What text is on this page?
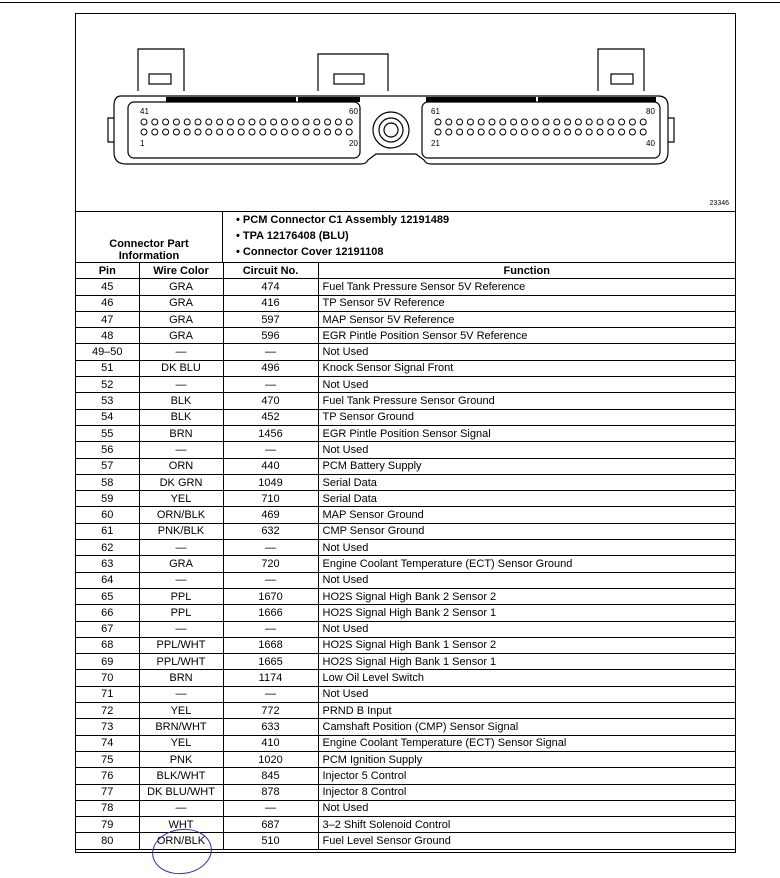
41	60
1	20
61	80
21	40
23346
Connector Part
Information
• PCM Connector C1 Assembly 12191489
• TPA 12176408 (BLU)
• Connector Cover 12191108
Pin	Wire Color	Circuit No.	Function
45	GRA	474	Fuel Tank Pressure Sensor 5V Reference
46	GRA	416	TP Sensor 5V Reference
47	GRA	597	MAP Sensor 5V Reference
48	GRA	596	EGR Pintle Position Sensor 5V Reference
49–50	—	—	Not Used
51	DK BLU	496	Knock Sensor Signal Front
52	—	—	Not Used
53	BLK	470	Fuel Tank Pressure Sensor Ground
54	BLK	452	TP Sensor Ground
55	BRN	1456	EGR Pintle Position Sensor Signal
56	—	—	Not Used
57	ORN	440	PCM Battery Supply
58	DK GRN	1049	Serial Data
59	YEL	710	Serial Data
60	ORN/BLK	469	MAP Sensor Ground
61	PNK/BLK	632	CMP Sensor Ground
62	—	—	Not Used
63	GRA	720	Engine Coolant Temperature (ECT) Sensor Ground
64	—	—	Not Used
65	PPL	1670	HO2S Signal High Bank 2 Sensor 2
66	PPL	1666	HO2S Signal High Bank 2 Sensor 1
67	—	—	Not Used
68	PPL/WHT	1668	HO2S Signal High Bank 1 Sensor 2
69	PPL/WHT	1665	HO2S Signal High Bank 1 Sensor 1
70	BRN	1174	Low Oil Level Switch
71	—	—	Not Used
72	YEL	772	PRND B Input
73	BRN/WHT	633	Camshaft Position (CMP) Sensor Signal
74	YEL	410	Engine Coolant Temperature (ECT) Sensor Signal
75	PNK	1020	PCM Ignition Supply
76	BLK/WHT	845	Injector 5 Control
77	DK BLU/WHT	878	Injector 8 Control
78	—	—	Not Used
79	WHT	687	3–2 Shift Solenoid Control
80	ORN/BLK	510	Fuel Level Sensor Ground
